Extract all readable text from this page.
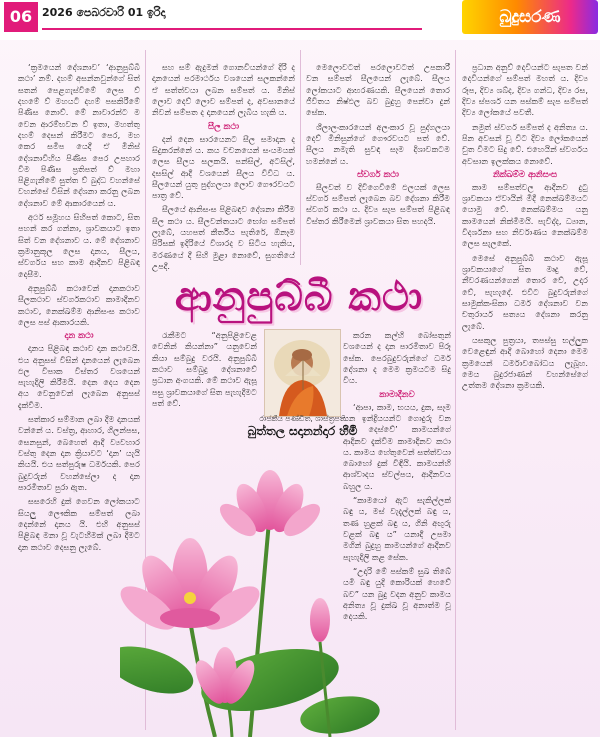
06 2026 පෙබරවාරි 01 ඉරිදා	බුදුසරණ

‘ක්‍රමයෙන් දේශනාව’ ‘ආනුපුබ්බී කථා’ නම්. දහම් අසන්නවුන්ගේ සිත් සතන් පෙළගැස්වීමේ ලෙස ව් දහමේ ව් මහයටි දහම් පසකිරීමේ පිණිස නොව්. මේ නාවාරන්ට ම වෙන ආරම්භවන ව් ඉතා, මහත්තු දහම් දෙසන් කිරීමට පෙර, මහ කෙර සමීප යෙදී ඒ මිනිස් දේශනාවිහිය පිණිස පෙර උපහාර වීම පිණිස ප්‍රතිපත් ව් මහා පිළිගැනීමේ සුත්ත ව් බුද්ධ වහන්සේ වහන්සේ විසින් දේශනා කරනු ලබන දේශනාව මේ ආකාරයෙන් ය.

අර්ථ සමූහය සිහිපත් කොට, සිත පහන් කර ගන්නා, ශ්‍රාවකයාට ඉතා සිත් වන දේශනාව ය. මේ දේශනාව ක්‍රමානුකූල ලෙස දානය, සීලය, ස්වර්ගය සහ කාම ආදීනව පිළිබඳ දෙසීම.

අනුපුබ්බී කථාවෙන් දානකථාව සීලකථාව ස්වර්ගකථාව කාමාදීනව කථාව, නෙක්ඛම්ම ආනිසංස කථාව ලෙස පස් ආකාරයකි.

දාන කථා

දානය පිළිබඳ කථාව දාන කථාවයි. එය අනුසස් විසින් දානයෙන් ලැබෙන ඵල විපාක විස්තර වශයෙන් පැහැදිලි කිරීමයි. දෙන දෙය දෙන අය වෙනුවෙන් ලැබෙන අනුසස් දැක්වීම.

සත්කාර සම්මාන ලබා දීම දානයක් වන්නේ ය. වස්ත්‍ර, ආහාර, ගිලන්පස, සෙනසුන්, බෙහෙත් ආදී ව්‍යවහාර වස්තු දෙන දාන ක්‍රියාවට ‘දාන’ යැයි කියයි. එය සත්පුරුෂ ධර්මයකි. පෙර බුදුවරුන් වහන්සේලා ද දාන පාරමිතාව පුරා ඇත.

සසරෙහි දුක් ගෙවන ලෝකයාට සියලු ලෞකික සම්පත් ලබා දෙන්නේ දානය යි. එහි අනුසස් පිළිබඳ මනා වූ වැටහීමක් ලබා දීමට දාන කථාව දෙසනු ලැබේ.

සහ සම් ඇදුමන් ගොනවියන්ගේ දිරි ද දානයෙන් පරමාර්ථය වශයෙන් සලකන්නේ ඒ සත්ත්වයා ලබන සම්පත් ය. මිනිස් ලොව දෙව් ලොව සම්පත් ද, අවසානයේ නිවන් සම්පත ද දානයෙන් ලැබිය හැකි ය.

සීල කථා

දන් දෙන සාරයෙනට සීල සමාදාන ද සිදුකරන්නේ ය. කය වචනයෙන් සංයමයක් ලෙස සීලය සලකයි. පන්සිල්, අටසිල්, දසසිල් ආදී වශයෙන් සීලය විවිධ ය. සීලයෙන් යුතු පුද්ගලයා ලොව ගෞරවයට පාත්‍ර වේ.

සීලයේ ආනිසංස පිළිබඳව දේශනා කිරීම සීල කථා ය. සීලවන්තයාට භෝග සම්පත් ලැබේ, යහපත් කීර්තිය පැතිරේ, ඕනෑම පිරිසක් ඉදිරියේ විශාරද ව සිටිය හැකිය, මරණයේ දී සිහි මුළා නොවේ, සුගතියේ උපදී.

මෙලොවටත් පරලොවටත් උපකාරී වන සම්පත් සීලයෙන් ලැබේ. සීලය ලෝකයාට ආභරණයකි. සීලයෙන් තොර ජීවිතය නිෂ්ඵල බව බුදුහු පෙන්වා දුන් සේක.

ශීලාලංකාරයෙන් අලංකාර වූ පුද්ගලයා දෙව් මිනිසුන්ගේ ගෞරවයට පත් වේ. සීලය නමැති සුවඳ සෑම දිශාවකටම හමන්නේ ය.

ස්වර්ග කථා

සීලවත් ව දිවිගෙවීමේ ඵලයක් ලෙස ස්වර්ග සම්පත් ලැබෙන බව දේශනා කිරීම ස්වර්ග කථා ය. දිව්‍ය සැප සම්පත් පිළිබඳ විස්තර කිරීමෙන් ශ්‍රාවකයා සිත පහදයි.

ප්‍රධාන අනුව් දෙවියන්ට සැපත වන් දෙවියන්ගේ සම්පත් මහත් ය. දිව්‍ය රූප, දිව්‍ය ශබ්ද, දිව්‍ය ගන්ධ, දිව්‍ය රස, දිව්‍ය ස්පර්ශ යන පස්කම් සැප සම්පත් දිව්‍ය ලෝකයේ පවතී.

නමුත් ස්වර්ග සම්පත් ද අනිත්‍ය ය. පින අවසන් වූ විට දිව්‍ය ලෝකයෙන් චුත වීමට සිදු වේ. එහෙයින් ස්වර්ගය අවසාන ඉලක්කය නොවේ.

නික්ඛම්ම ආනිසංස

කාම සම්පත්වල ආදීනව දුටු ශ්‍රාවකයා ඒවායින් මිදී නෙක්ඛම්මයට යොමු වේ. නෙක්ඛම්මය යනු කාමයෙන් නික්මීමයි. පැවිද්ද, ධ්‍යාන, විදර්ශනා සහ නිර්වාණය නෙක්ඛම්ම ලෙස සැලකේ.

මෙසේ අනුපුබ්බී කථාව ඇසූ ශ්‍රාවකයාගේ සිත මෘදු වේ, නීවරණයන්ගෙන් තොර වේ, උදාර වේ, පැහැදේ. එවිට බුදුවරුන්ගේ සාමුක්කංසිකා ධර්ම දේශනාව වන චතුරාර්ය සත්‍යය දේශනා කරනු ලැබේ.

යසකුල පුත්‍රයා, තපස්සු භල්ලුක වෙළෙඳුන් ආදී බොහෝ දෙනා මෙම ක්‍රමයෙන් ධර්මාවබෝධය ලැබූහ. මෙය බුදුරජාණන් වහන්සේගේ උත්තම දේශනා ක්‍රමයකි.

ආනුපුබ්බී කථා

රැකීමට “අනුපිළිවෙළ වෙනින් කියන්නා” යනුවෙන් කියා සම්බුදු වරයි. අනුපුබ්බී කථාව සම්බුදු දේශනාවේ ප්‍රධාන අංගයකි. මේ කථාව ඇසූ පසු ශ්‍රාවකයාගේ සිත පැහැදීමට පත් වේ.

රාජකීය පණ්ඩිත, ශාස්ත්‍රපති
බුත්තල සදානන්දාර හිමි

කරන කල්හි බෝසතුන් වශයෙන් ද දාන පාරමිතාව පිරූ සේක. පෙරබුදුවරුන්ගේ ධර්ම දේශනා ද මෙම ක්‍රමයටම සිදු විය.

කාමාදීනව

‘ආපා, කාම, භයය, දුක, සෑම යන ඉන්ද්‍රියයන්ට ගොදුරු වන ගිජු දෙස්වේ’ කාමයන්ගේ ආදීනව දැක්වීම කාමාදීනව කථා ය. කාමය හේතුවෙන් සත්ත්වයා බොහෝ දුක් විඳියි. කාමයන්හි ආශ්වාදය ස්වල්පය, ආදීනවය බහුල ය.

“කාමයෝ ඇට සැකිල්ලක් බඳු ය, මස් වැදැල්ලක් බඳු ය, තණ හුළක් බඳු ය, ගිනි අඟුරු වළක් බඳු ය” යනාදී උපමා මගින් බුදුහු කාමයන්ගේ ආදීනව පැහැදිලි කළ සේක.

“උදාරි මේ පස්කම් සුඛ තිබේ යමි බඳු යුදි කොරියක් හෙවේ බව” යන බුදු වදන අනුව කාමය අනිත්‍ය වූ දුක්ඛ වූ අනාත්ම වූ දෙයකි.
